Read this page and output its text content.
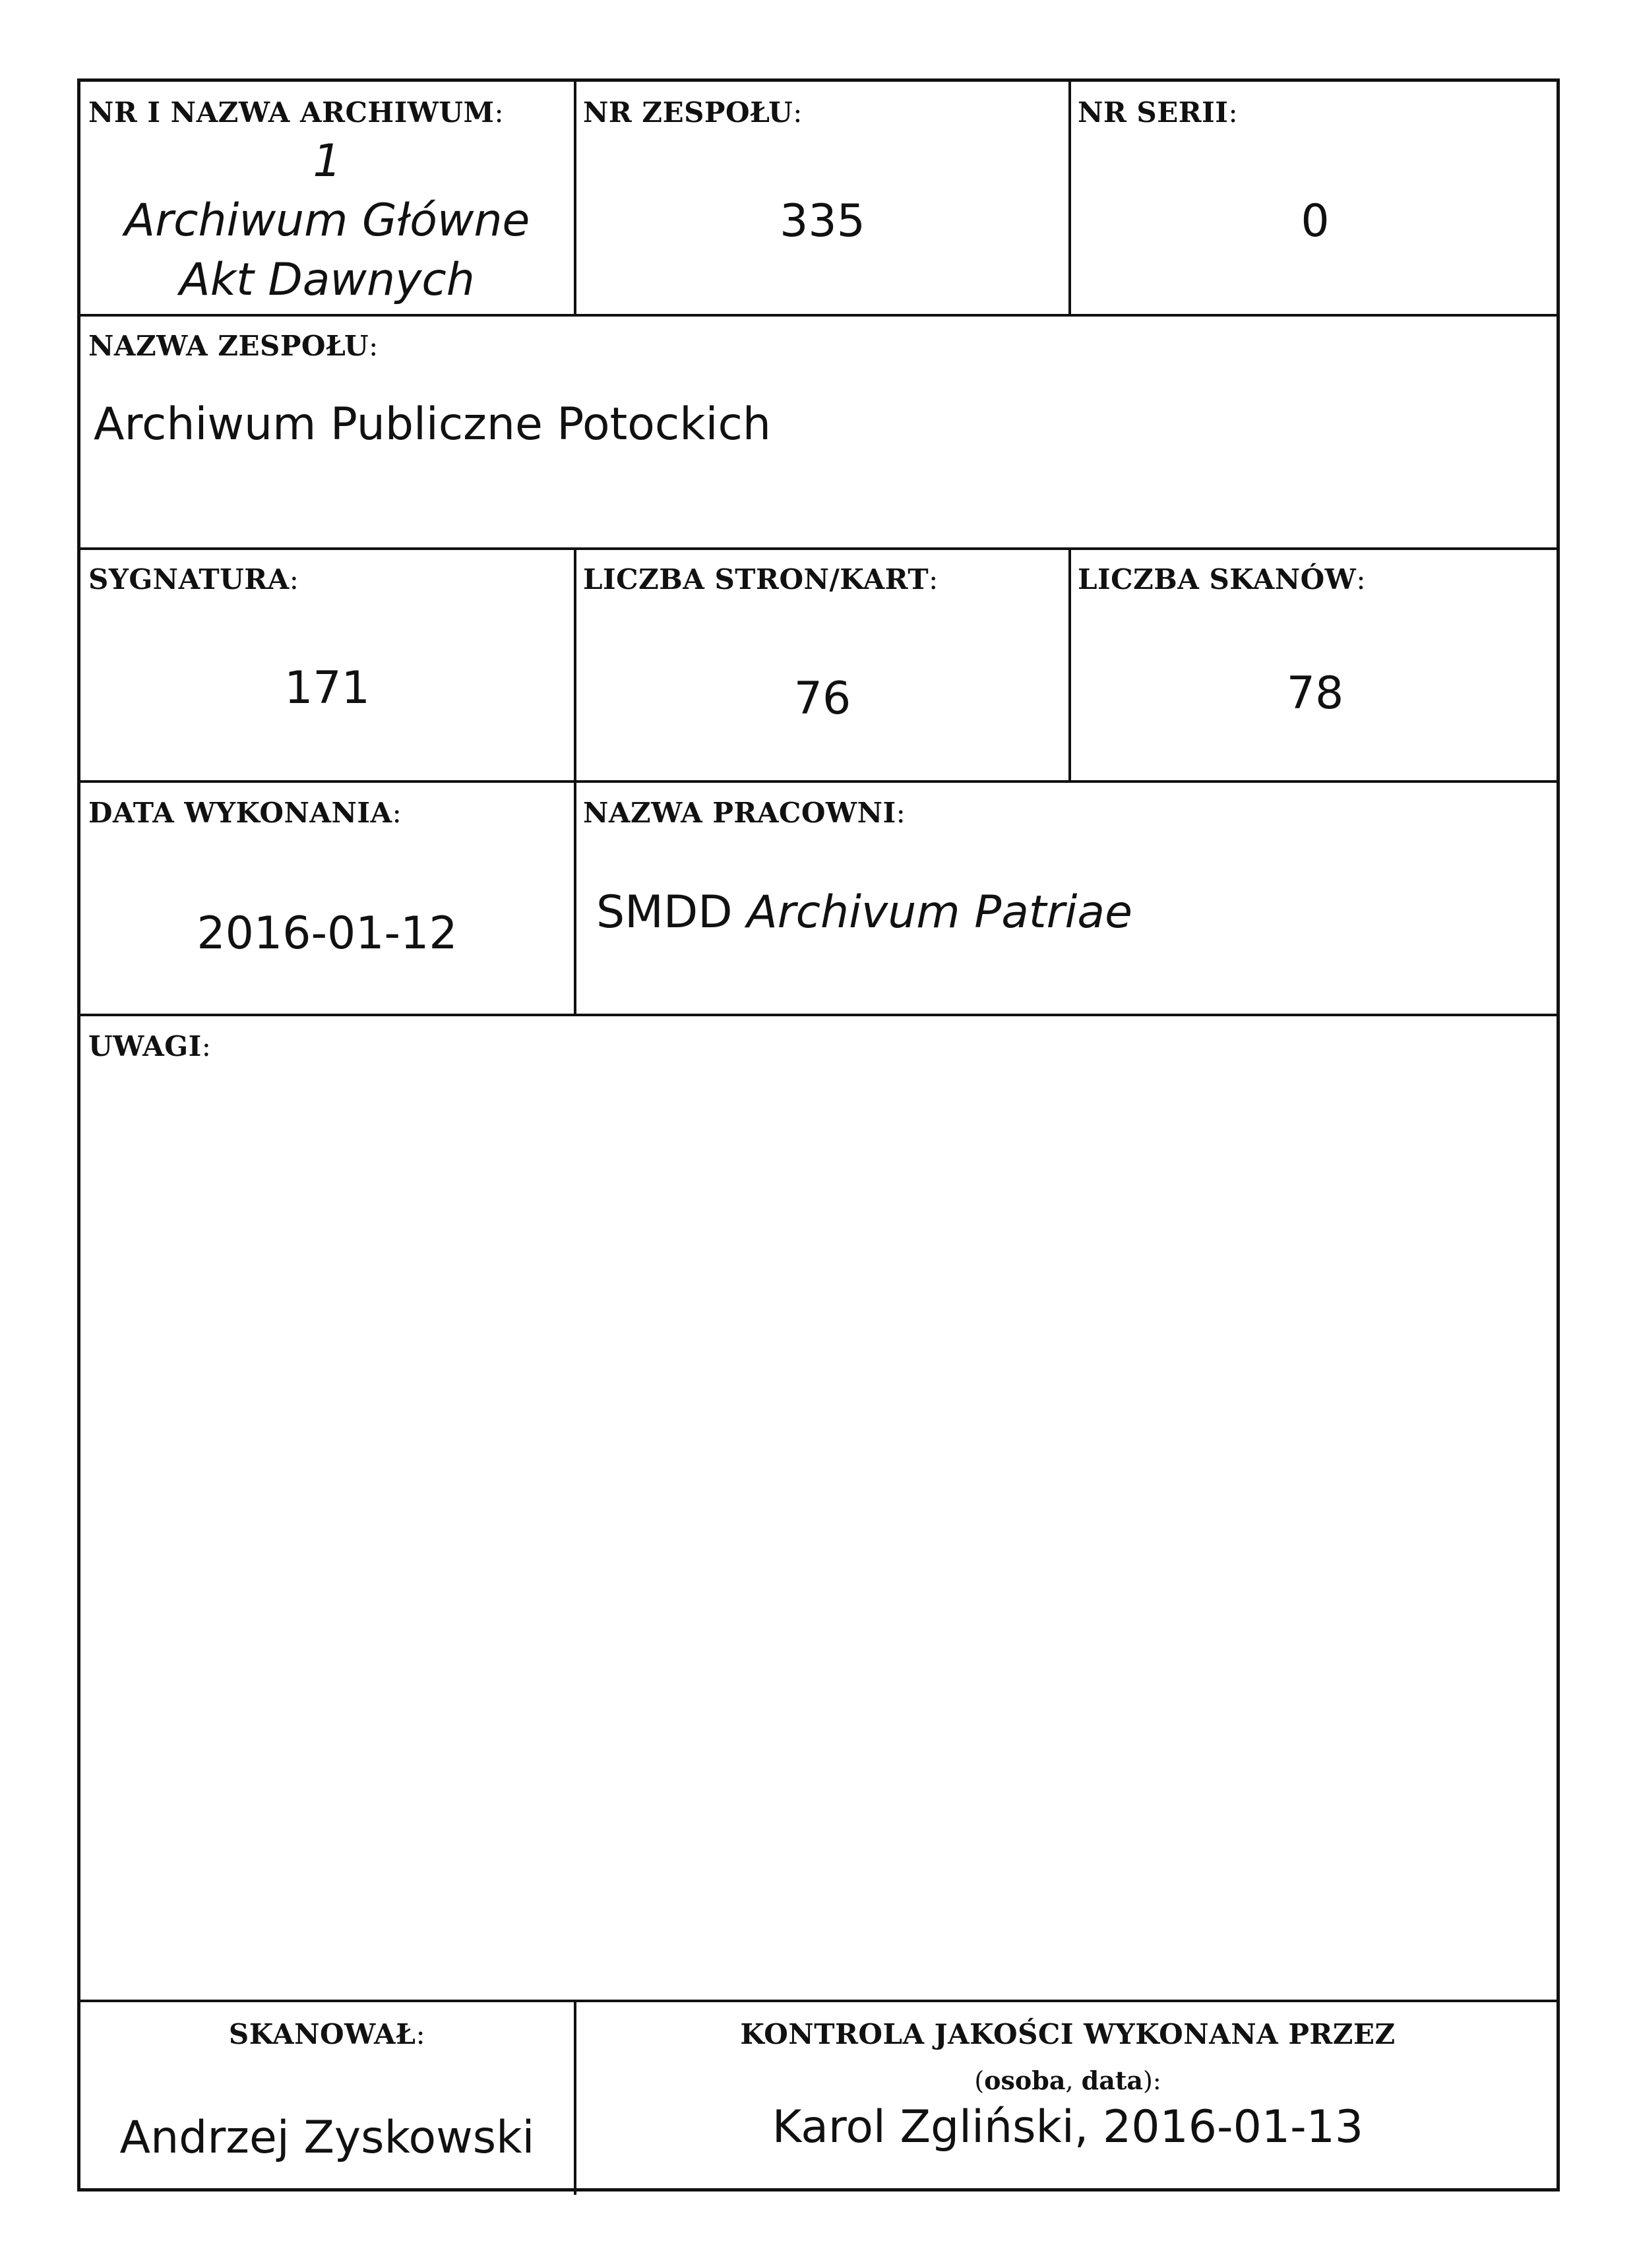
NR I NAZWA ARCHIWUM:
1
Archiwum Główne
Akt Dawnych
NR ZESPOŁU:
335
NR SERII:
0
NAZWA ZESPOŁU:
Archiwum Publiczne Potockich
SYGNATURA:
171
LICZBA STRON/KART:
76
LICZBA SKANÓW:
78
DATA WYKONANIA:
2016-01-12
NAZWA PRACOWNI:
SMDD Archivum Patriae
UWAGI:
SKANOWAŁ:
Andrzej Zyskowski
KONTROLA JAKOŚCI WYKONANA PRZEZ
(osoba, data):
Karol Zgliński, 2016-01-13
